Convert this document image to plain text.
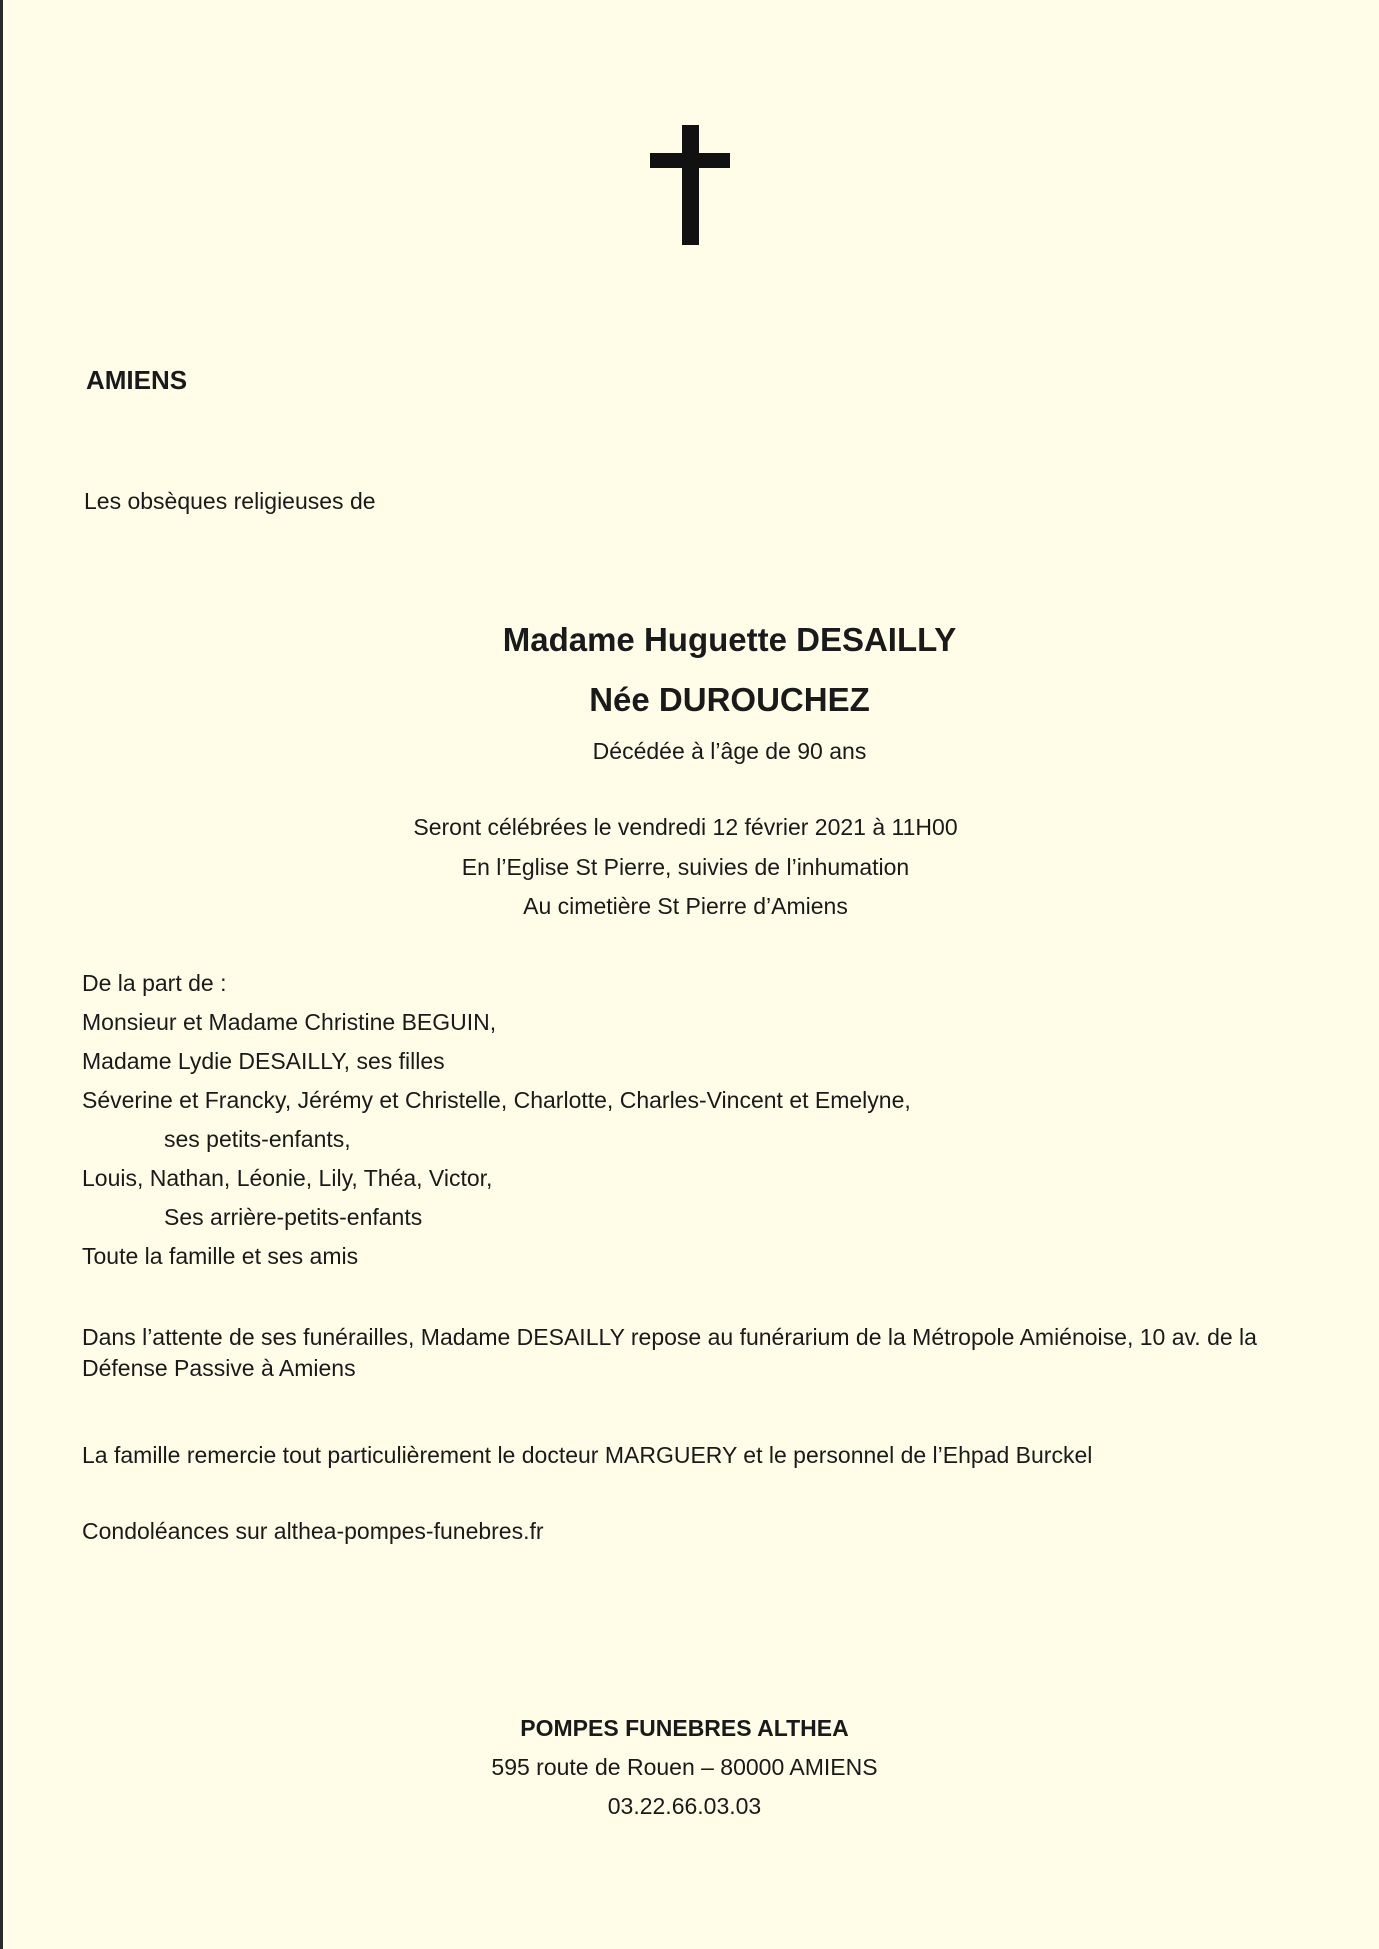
AMIENS
Les obsèques religieuses de
Madame Huguette DESAILLY
Née DUROUCHEZ
Décédée à l’âge de 90 ans
Seront célébrées le vendredi 12 février 2021 à 11H00
En l’Eglise St Pierre, suivies de l’inhumation
Au cimetière St Pierre d’Amiens
De la part de :
Monsieur et Madame Christine BEGUIN,
Madame Lydie DESAILLY, ses filles
Séverine et Francky, Jérémy et Christelle, Charlotte, Charles-Vincent et Emelyne,
ses petits-enfants,
Louis, Nathan, Léonie, Lily, Théa, Victor,
Ses arrière-petits-enfants
Toute la famille et ses amis
Dans l’attente de ses funérailles, Madame DESAILLY repose au funérarium de la Métropole Amiénoise, 10 av. de la Défense Passive à Amiens
La famille remercie tout particulièrement le docteur MARGUERY et le personnel de l’Ehpad Burckel
Condoléances sur althea-pompes-funebres.fr
POMPES FUNEBRES ALTHEA
595 route de Rouen – 80000 AMIENS
03.22.66.03.03
